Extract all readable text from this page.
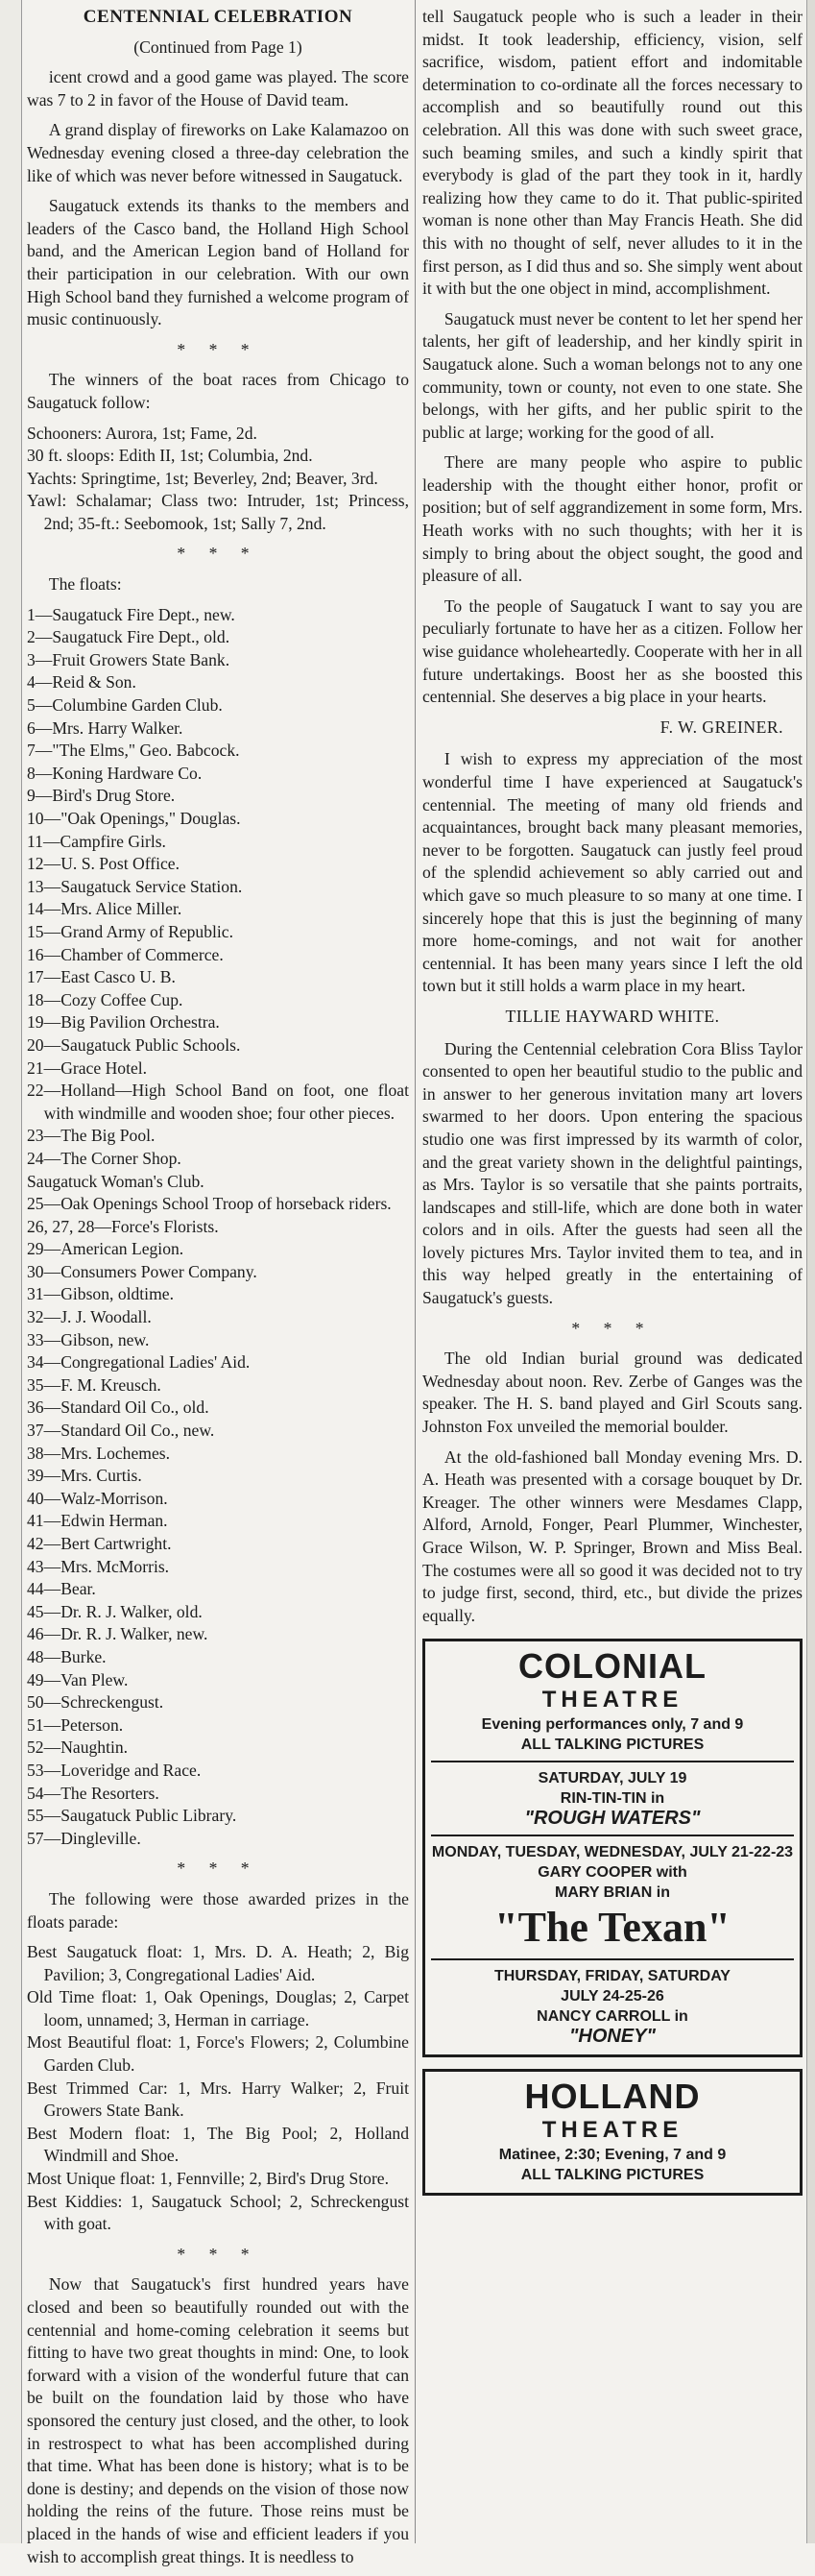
CENTENNIAL CELEBRATION

(Continued from Page 1)

icent crowd and a good game was played. The score was 7 to 2 in favor of the House of David team.

A grand display of fireworks on Lake Kalamazoo on Wednesday evening closed a three-day celebration the like of which was never before witnessed in Saugatuck.

Saugatuck extends its thanks to the members and leaders of the Casco band, the Holland High School band, and the American Legion band of Holland for their participation in our celebration. With our own High School band they furnished a welcome program of music continuously.

* * *

The winners of the boat races from Chicago to Saugatuck follow:

Schooners: Aurora, 1st; Fame, 2d.
30 ft. sloops: Edith II, 1st; Columbia, 2nd.
Yachts: Springtime, 1st; Beverley, 2nd; Beaver, 3rd.
Yawl: Schalamar; Class two: Intruder, 1st; Princess, 2nd; 35-ft.: Seebomook, 1st; Sally 7, 2nd.
* * *

The floats:

1—Saugatuck Fire Dept., new.
2—Saugatuck Fire Dept., old.
3—Fruit Growers State Bank.
4—Reid & Son.
5—Columbine Garden Club.
6—Mrs. Harry Walker.
7—"The Elms," Geo. Babcock.
8—Koning Hardware Co.
9—Bird's Drug Store.
10—"Oak Openings," Douglas.
11—Campfire Girls.
12—U. S. Post Office.
13—Saugatuck Service Station.
14—Mrs. Alice Miller.
15—Grand Army of Republic.
16—Chamber of Commerce.
17—East Casco U. B.
18—Cozy Coffee Cup.
19—Big Pavilion Orchestra.
20—Saugatuck Public Schools.
21—Grace Hotel.
22—Holland—High School Band on foot, one float with windmille and wooden shoe; four other pieces.
23—The Big Pool.
24—The Corner Shop.
Saugatuck Woman's Club.
25—Oak Openings School Troop of horseback riders.
26, 27, 28—Force's Florists.
29—American Legion.
30—Consumers Power Company.
31—Gibson, oldtime.
32—J. J. Woodall.
33—Gibson, new.
34—Congregational Ladies' Aid.
35—F. M. Kreusch.
36—Standard Oil Co., old.
37—Standard Oil Co., new.
38—Mrs. Lochemes.
39—Mrs. Curtis.
40—Walz-Morrison.
41—Edwin Herman.
42—Bert Cartwright.
43—Mrs. McMorris.
44—Bear.
45—Dr. R. J. Walker, old.
46—Dr. R. J. Walker, new.
48—Burke.
49—Van Plew.
50—Schreckengust.
51—Peterson.
52—Naughtin.
53—Loveridge and Race.
54—The Resorters.
55—Saugatuck Public Library.
57—Dingleville.
* * *

The following were those awarded prizes in the floats parade:

Best Saugatuck float: 1, Mrs. D. A. Heath; 2, Big Pavilion; 3, Congregational Ladies' Aid.
Old Time float: 1, Oak Openings, Douglas; 2, Carpet loom, unnamed; 3, Herman in carriage.
Most Beautiful float: 1, Force's Flowers; 2, Columbine Garden Club.
Best Trimmed Car: 1, Mrs. Harry Walker; 2, Fruit Growers State Bank.
Best Modern float: 1, The Big Pool; 2, Holland Windmill and Shoe.
Most Unique float: 1, Fennville; 2, Bird's Drug Store.
Best Kiddies: 1, Saugatuck School; 2, Schreckengust with goat.
* * *

Now that Saugatuck's first hundred years have closed and been so beautifully rounded out with the centennial and home-coming celebration it seems but fitting to have two great thoughts in mind: One, to look forward with a vision of the wonderful future that can be built on the foundation laid by those who have sponsored the century just closed, and the other, to look in restrospect to what has been accomplished during that time. What has been done is history; what is to be done is destiny; and depends on the vision of those now holding the reins of the future. Those reins must be placed in the hands of wise and efficient leaders if you wish to accomplish great things. It is needless to

tell Saugatuck people who is such a leader in their midst. It took leadership, efficiency, vision, self sacrifice, wisdom, patient effort and indomitable determination to co-ordinate all the forces necessary to accomplish and so beautifully round out this celebration. All this was done with such sweet grace, such beaming smiles, and such a kindly spirit that everybody is glad of the part they took in it, hardly realizing how they came to do it. That public-spirited woman is none other than May Francis Heath. She did this with no thought of self, never alludes to it in the first person, as I did thus and so. She simply went about it with but the one object in mind, accomplishment.

Saugatuck must never be content to let her spend her talents, her gift of leadership, and her kindly spirit in Saugatuck alone. Such a woman belongs not to any one community, town or county, not even to one state. She belongs, with her gifts, and her public spirit to the public at large; working for the good of all.

There are many people who aspire to public leadership with the thought either honor, profit or position; but of self aggrandizement in some form, Mrs. Heath works with no such thoughts; with her it is simply to bring about the object sought, the good and pleasure of all.

To the people of Saugatuck I want to say you are peculiarly fortunate to have her as a citizen. Follow her wise guidance wholeheartedly. Cooperate with her in all future undertakings. Boost her as she boosted this centennial. She deserves a big place in your hearts.

F. W. GREINER.

I wish to express my appreciation of the most wonderful time I have experienced at Saugatuck's centennial. The meeting of many old friends and acquaintances, brought back many pleasant memories, never to be forgotten. Saugatuck can justly feel proud of the splendid achievement so ably carried out and which gave so much pleasure to so many at one time. I sincerely hope that this is just the beginning of many more home-comings, and not wait for another centennial. It has been many years since I left the old town but it still holds a warm place in my heart.

TILLIE HAYWARD WHITE.

During the Centennial celebration Cora Bliss Taylor consented to open her beautiful studio to the public and in answer to her generous invitation many art lovers swarmed to her doors. Upon entering the spacious studio one was first impressed by its warmth of color, and the great variety shown in the delightful paintings, as Mrs. Taylor is so versatile that she paints portraits, landscapes and still-life, which are done both in water colors and in oils. After the guests had seen all the lovely pictures Mrs. Taylor invited them to tea, and in this way helped greatly in the entertaining of Saugatuck's guests.

* * *

The old Indian burial ground was dedicated Wednesday about noon. Rev. Zerbe of Ganges was the speaker. The H. S. band played and Girl Scouts sang. Johnston Fox unveiled the memorial boulder.

At the old-fashioned ball Monday evening Mrs. D. A. Heath was presented with a corsage bouquet by Dr. Kreager. The other winners were Mesdames Clapp, Alford, Arnold, Fonger, Pearl Plummer, Winchester, Grace Wilson, W. P. Springer, Brown and Miss Beal. The costumes were all so good it was decided not to try to judge first, second, third, etc., but divide the prizes equally.

COLONIAL
THEATRE
Evening performances only, 7 and 9
ALL TALKING PICTURES
SATURDAY, JULY 19
RIN-TIN-TIN in
"ROUGH WATERS"
MONDAY, TUESDAY, WEDNESDAY, JULY 21-22-23
GARY COOPER with
MARY BRIAN in
"The Texan"
THURSDAY, FRIDAY, SATURDAY
JULY 24-25-26
NANCY CARROLL in
"HONEY"
HOLLAND
THEATRE
Matinee, 2:30; Evening, 7 and 9
ALL TALKING PICTURES
